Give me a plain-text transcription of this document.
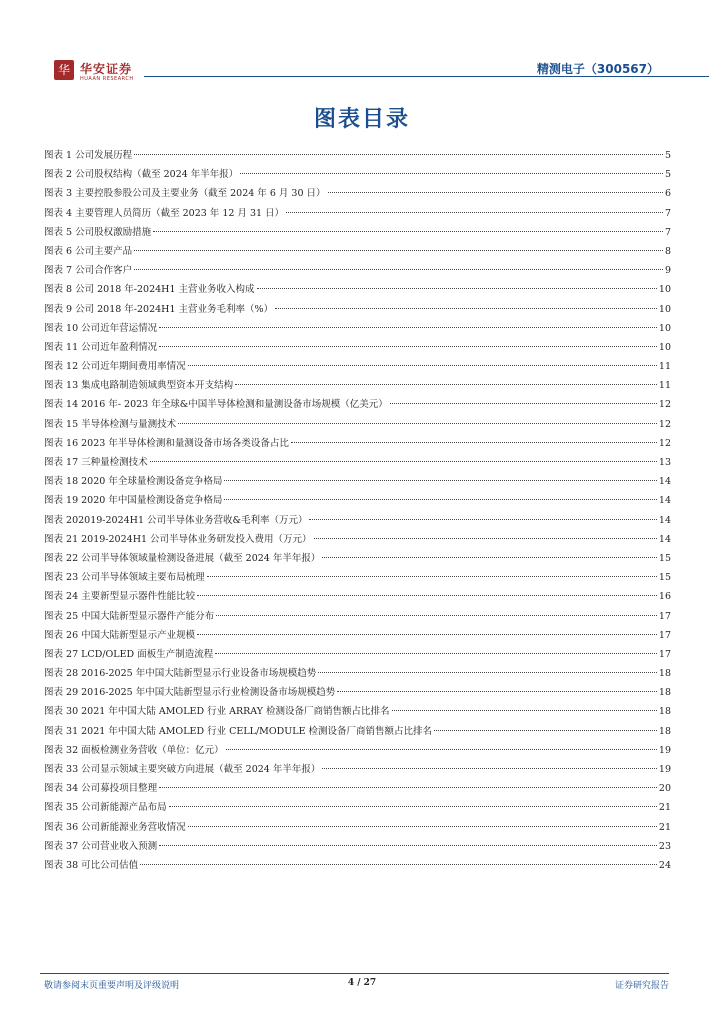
华 华安证券
HUAAN RESEARCH
精测电子（300567）
图表目录
图表 1 公司发展历程	5
图表 2 公司股权结构（截至 2024 年半年报）	5
图表 3 主要控股参股公司及主要业务（截至 2024 年 6 月 30 日）	6
图表 4 主要管理人员简历（截至 2023 年 12 月 31 日）	7
图表 5 公司股权激励措施	7
图表 6 公司主要产品	8
图表 7 公司合作客户	9
图表 8 公司 2018 年-2024H1 主营业务收入构成	10
图表 9 公司 2018 年-2024H1 主营业务毛利率（%）	10
图表 10 公司近年营运情况	10
图表 11 公司近年盈利情况	10
图表 12 公司近年期间费用率情况	11
图表 13 集成电路制造领域典型资本开支结构	11
图表 14 2016 年- 2023 年全球&中国半导体检测和量测设备市场规模（亿美元）	12
图表 15 半导体检测与量测技术	12
图表 16 2023 年半导体检测和量测设备市场各类设备占比	12
图表 17 三种量检测技术	13
图表 18 2020 年全球量检测设备竞争格局	14
图表 19 2020 年中国量检测设备竞争格局	14
图表 202019-2024H1 公司半导体业务营收&毛利率（万元）	14
图表 21 2019-2024H1 公司半导体业务研发投入费用（万元）	14
图表 22 公司半导体领域量检测设备进展（截至 2024 年半年报）	15
图表 23 公司半导体领域主要布局梳理	15
图表 24 主要新型显示器件性能比较	16
图表 25 中国大陆新型显示器件产能分布	17
图表 26 中国大陆新型显示产业规模	17
图表 27 LCD/OLED 面板生产制造流程	17
图表 28 2016-2025 年中国大陆新型显示行业设备市场规模趋势	18
图表 29 2016-2025 年中国大陆新型显示行业检测设备市场规模趋势	18
图表 30 2021 年中国大陆 AMOLED 行业 ARRAY 检测设备厂商销售额占比排名	18
图表 31 2021 年中国大陆 AMOLED 行业 CELL/MODULE 检测设备厂商销售额占比排名	18
图表 32 面板检测业务营收（单位：亿元）	19
图表 33 公司显示领域主要突破方向进展（截至 2024 年半年报）	19
图表 34 公司募投项目整理	20
图表 35 公司新能源产品布局	21
图表 36 公司新能源业务营收情况	21
图表 37 公司营业收入预测	23
图表 38 可比公司估值	24
敬请参阅末页重要声明及评级说明	4 / 27	证券研究报告
